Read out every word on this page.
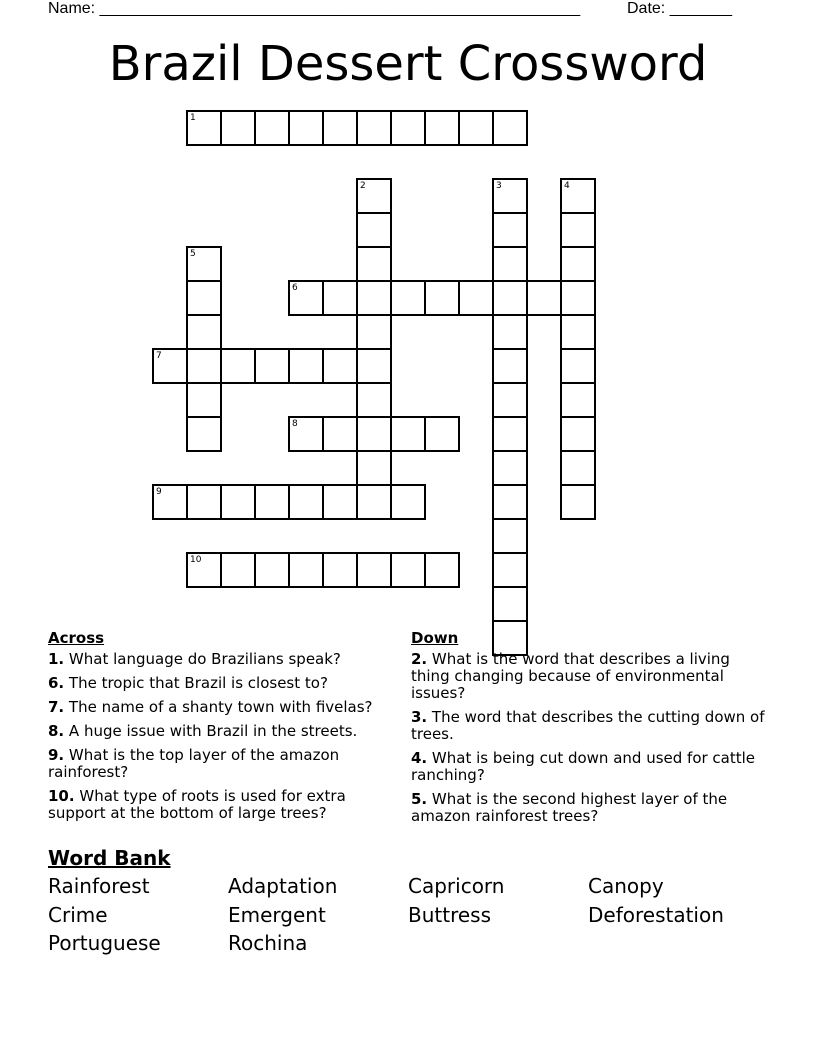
Name: ______________________________________________________	Date: _______
Brazil Dessert Crossword
1
2	3	4
5
6
7
8
9
10
Across
1. What language do Brazilians speak?
6. The tropic that Brazil is closest to?
7. The name of a shanty town with fivelas?
8. A huge issue with Brazil in the streets.
9. What is the top layer of the amazon rainforest?
10. What type of roots is used for extra support at the bottom of large trees?
Down
2. What is the word that describes a living thing changing because of environmental issues?
3. The word that describes the cutting down of trees.
4. What is being cut down and used for cattle ranching?
5. What is the second highest layer of the amazon rainforest trees?
Word Bank
Rainforest	Adaptation	Capricorn	Canopy
Crime	Emergent	Buttress	Deforestation
Portuguese	Rochina
